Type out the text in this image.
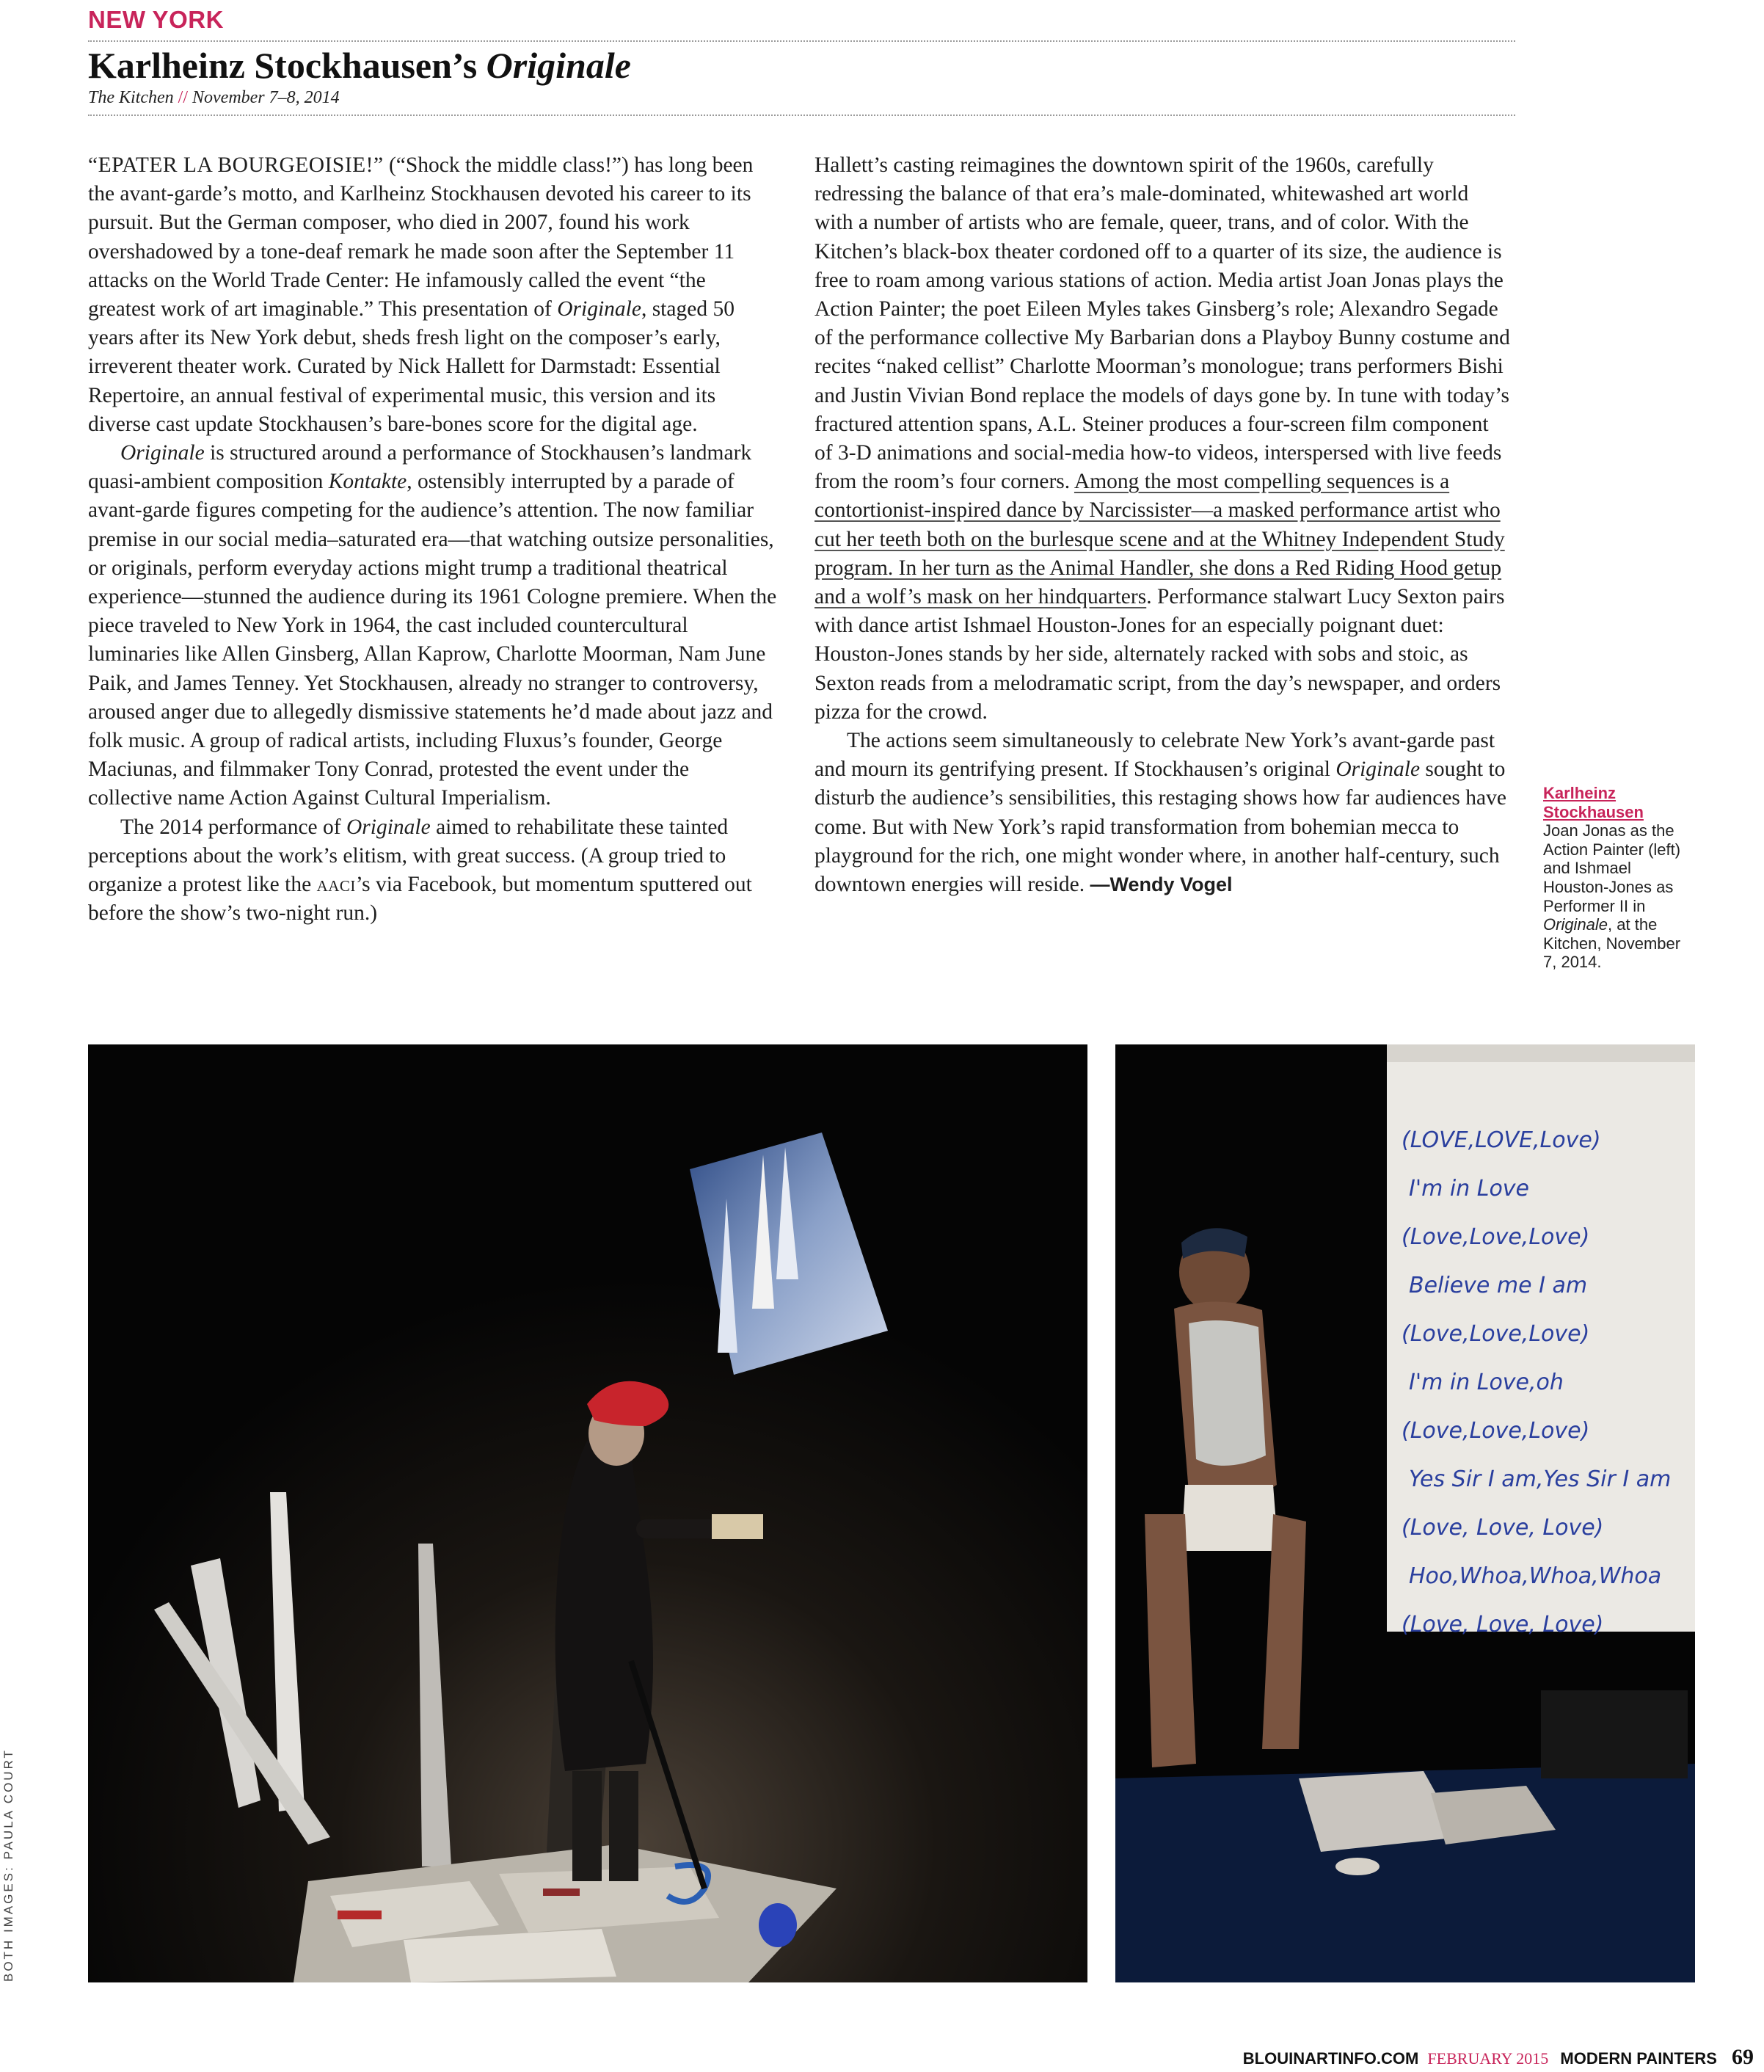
NEW YORK
Karlheinz Stockhausen’s Originale
The Kitchen // November 7–8, 2014

“EPATER LA BOURGEOISIE!” (“Shock the middle class!”) has long been the avant-garde’s motto, and Karlheinz Stockhausen devoted his career to its pursuit. But the German composer, who died in 2007, found his work overshadowed by a tone-deaf remark he made soon after the September 11 attacks on the World Trade Center: He infamously called the event “the greatest work of art imaginable.” This presentation of Originale, staged 50 years after its New York debut, sheds fresh light on the composer’s early, irreverent theater work. Curated by Nick Hallett for Darmstadt: Essential Repertoire, an annual festival of experimental music, this version and its diverse cast update Stockhausen’s bare-bones score for the digital age.

Originale is structured around a performance of Stockhausen’s landmark quasi-ambient composition Kontakte, ostensibly interrupted by a parade of avant-garde figures competing for the audience’s attention. The now familiar premise in our social media–saturated era—that watching outsize personalities, or originals, perform everyday actions might trump a traditional theatrical experience—stunned the audience during its 1961 Cologne premiere. When the piece traveled to New York in 1964, the cast included countercultural luminaries like Allen Ginsberg, Allan Kaprow, Charlotte Moorman, Nam June Paik, and James Tenney. Yet Stockhausen, already no stranger to controversy, aroused anger due to allegedly dismissive statements he’d made about jazz and folk music. A group of radical artists, including Fluxus’s founder, George Maciunas, and filmmaker Tony Conrad, protested the event under the collective name Action Against Cultural Imperialism.

The 2014 performance of Originale aimed to rehabilitate these tainted perceptions about the work’s elitism, with great success. (A group tried to organize a protest like the aaci’s via Facebook, but momentum sputtered out before the show’s two-night run.)

Hallett’s casting reimagines the downtown spirit of the 1960s, carefully redressing the balance of that era’s male-dominated, whitewashed art world with a number of artists who are female, queer, trans, and of color. With the Kitchen’s black-box theater cordoned off to a quarter of its size, the audience is free to roam among various stations of action. Media artist Joan Jonas plays the Action Painter; the poet Eileen Myles takes Ginsberg’s role; Alexandro Segade of the performance collective My Barbarian dons a Playboy Bunny costume and recites “naked cellist” Charlotte Moorman’s monologue; trans performers Bishi and Justin Vivian Bond replace the models of days gone by. In tune with today’s fractured attention spans, A.L. Steiner produces a four-screen film component of 3-D animations and social-media how-to videos, interspersed with live feeds from the room’s four corners. Among the most compelling sequences is a contortionist-inspired dance by Narcissister—a masked performance artist who cut her teeth both on the burlesque scene and at the Whitney Independent Study program. In her turn as the Animal Handler, she dons a Red Riding Hood getup and a wolf’s mask on her hindquarters. Performance stalwart Lucy Sexton pairs with dance artist Ishmael Houston-Jones for an especially poignant duet: Houston-Jones stands by her side, alternately racked with sobs and stoic, as Sexton reads from a melodramatic script, from the day’s newspaper, and orders pizza for the crowd.

The actions seem simultaneously to celebrate New York’s avant-garde past and mourn its gentrifying present. If Stockhausen’s original Originale sought to disturb the audience’s sensibilities, this restaging shows how far audiences have come. But with New York’s rapid transformation from bohemian mecca to playground for the rich, one might wonder where, in another half-century, such downtown energies will reside. —Wendy Vogel

Karlheinz Stockhausen
Joan Jonas as the Action Painter (left) and Ishmael Houston-Jones as Performer II in Originale, at the Kitchen, November 7, 2014.
(LOVE,LOVE,Love)
I'm in Love
(Love,Love,Love)
Believe me I am
(Love,Love,Love)
I'm in Love,oh
(Love,Love,Love)
Yes Sir I am,Yes Sir I am
(Love, Love, Love)
Hoo,Whoa,Whoa,Whoa
(Love, Love, Love)
BOTH IMAGES: PAULA COURT
BLOUINARTINFO.COM FEBRUARY 2015 MODERN PAINTERS 69
